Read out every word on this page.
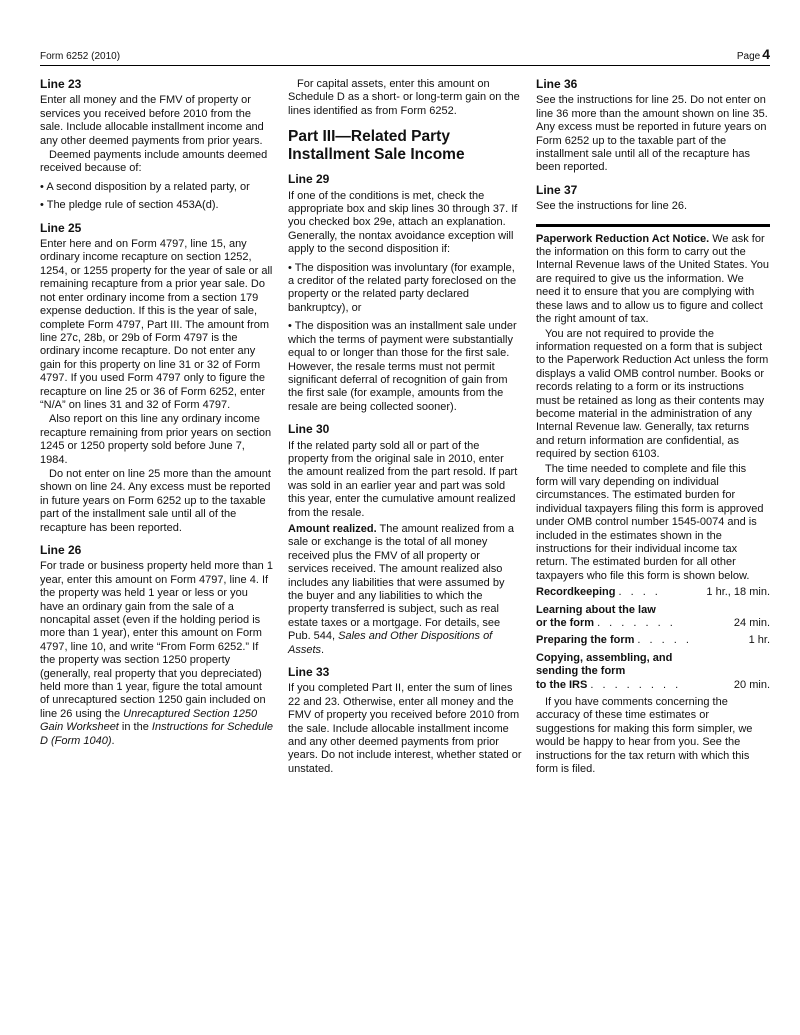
Form 6252 (2010)	Page 4
Line 23

Enter all money and the FMV of property or services you received before 2010 from the sale. Include allocable installment income and any other deemed payments from prior years.

Deemed payments include amounts deemed received because of:

• A second disposition by a related party, or

• The pledge rule of section 453A(d).

Line 25

Enter here and on Form 4797, line 15, any ordinary income recapture on section 1252, 1254, or 1255 property for the year of sale or all remaining recapture from a prior year sale. Do not enter ordinary income from a section 179 expense deduction. If this is the year of sale, complete Form 4797, Part III. The amount from line 27c, 28b, or 29b of Form 4797 is the ordinary income recapture. Do not enter any gain for this property on line 31 or 32 of Form 4797. If you used Form 4797 only to figure the recapture on line 25 or 36 of Form 6252, enter “N/A” on lines 31 and 32 of Form 4797.

Also report on this line any ordinary income recapture remaining from prior years on section 1245 or 1250 property sold before June 7, 1984.

Do not enter on line 25 more than the amount shown on line 24. Any excess must be reported in future years on Form 6252 up to the taxable part of the installment sale until all of the recapture has been reported.

Line 26

For trade or business property held more than 1 year, enter this amount on Form 4797, line 4. If the property was held 1 year or less or you have an ordinary gain from the sale of a noncapital asset (even if the holding period is more than 1 year), enter this amount on Form 4797, line 10, and write “From Form 6252.” If the property was section 1250 property (generally, real property that you depreciated) held more than 1 year, figure the total amount of unrecaptured section 1250 gain included on line 26 using the Unrecaptured Section 1250 Gain Worksheet in the Instructions for Schedule D (Form 1040).

For capital assets, enter this amount on Schedule D as a short- or long-term gain on the lines identified as from Form 6252.

Part III—Related Party Installment Sale Income
Line 29

If one of the conditions is met, check the appropriate box and skip lines 30 through 37. If you checked box 29e, attach an explanation. Generally, the nontax avoidance exception will apply to the second disposition if:

• The disposition was involuntary (for example, a creditor of the related party foreclosed on the property or the related party declared bankruptcy), or

• The disposition was an installment sale under which the terms of payment were substantially equal to or longer than those for the first sale. However, the resale terms must not permit significant deferral of recognition of gain from the first sale (for example, amounts from the resale are being collected sooner).

Line 30

If the related party sold all or part of the property from the original sale in 2010, enter the amount realized from the part resold. If part was sold in an earlier year and part was sold this year, enter the cumulative amount realized from the resale.

Amount realized. The amount realized from a sale or exchange is the total of all money received plus the FMV of all property or services received. The amount realized also includes any liabilities that were assumed by the buyer and any liabilities to which the property transferred is subject, such as real estate taxes or a mortgage. For details, see Pub. 544, Sales and Other Dispositions of Assets.

Line 33

If you completed Part II, enter the sum of lines 22 and 23. Otherwise, enter all money and the FMV of property you received before 2010 from the sale. Include allocable installment income and any other deemed payments from prior years. Do not include interest, whether stated or unstated.

Line 36

See the instructions for line 25. Do not enter on line 36 more than the amount shown on line 35. Any excess must be reported in future years on Form 6252 up to the taxable part of the installment sale until all of the recapture has been reported.

Line 37

See the instructions for line 26.

Paperwork Reduction Act Notice. We ask for the information on this form to carry out the Internal Revenue laws of the United States. You are required to give us the information. We need it to ensure that you are complying with these laws and to allow us to figure and collect the right amount of tax.

You are not required to provide the information requested on a form that is subject to the Paperwork Reduction Act unless the form displays a valid OMB control number. Books or records relating to a form or its instructions must be retained as long as their contents may become material in the administration of any Internal Revenue law. Generally, tax returns and return information are confidential, as required by section 6103.

The time needed to complete and file this form will vary depending on individual circumstances. The estimated burden for individual taxpayers filing this form is approved under OMB control number 1545-0074 and is included in the estimates shown in the instructions for their individual income tax return. The estimated burden for all other taxpayers who file this form is shown below.

Recordkeeping . . . .	1 hr., 18 min.
Learning about the law
or the form . . . . . . .	24 min.
Preparing the form . . . . .	1 hr.
Copying, assembling, and
sending the form
to the IRS . . . . . . . .	20 min.

If you have comments concerning the accuracy of these time estimates or suggestions for making this form simpler, we would be happy to hear from you. See the instructions for the tax return with which this form is filed.
